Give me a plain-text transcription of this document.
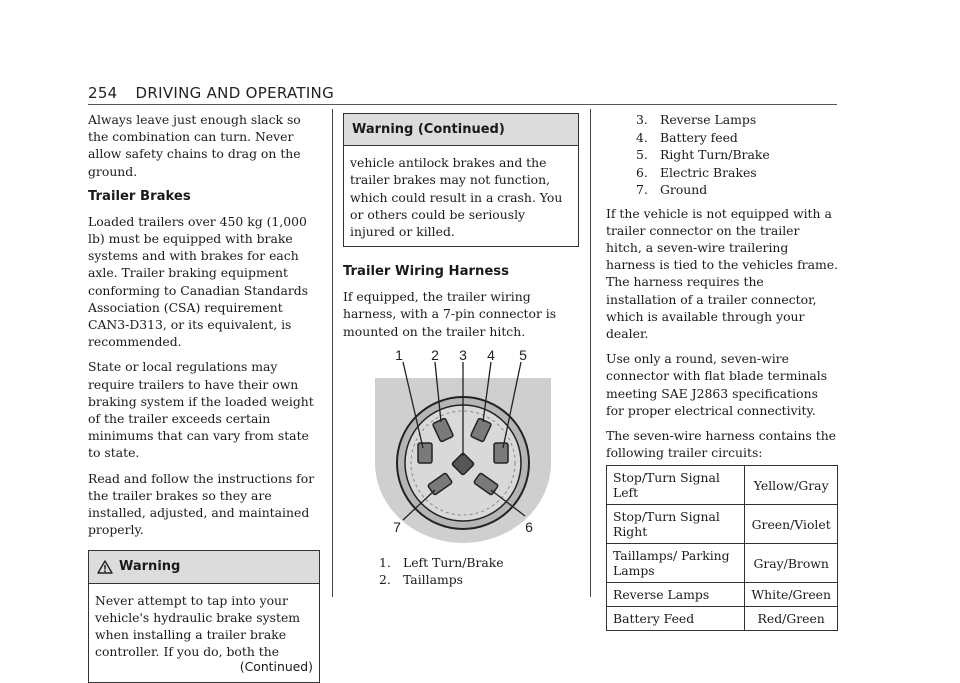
254 DRIVING AND OPERATING

Always leave just enough slack so the combination can turn. Never allow safety chains to drag on the ground.

Trailer Brakes

Loaded trailers over 450 kg (1,000 lb) must be equipped with brake systems and with brakes for each axle. Trailer braking equipment conforming to Canadian Standards Association (CSA) requirement CAN3-D313, or its equivalent, is recommended.

State or local regulations may require trailers to have their own braking system if the loaded weight of the trailer exceeds certain minimums that can vary from state to state.

Read and follow the instructions for the trailer brakes so they are installed, adjusted, and maintained properly.

Warning
Never attempt to tap into your vehicle's hydraulic brake system when installing a trailer brake controller. If you do, both the
(Continued)
Warning (Continued)
vehicle antilock brakes and the trailer brakes may not function, which could result in a crash. You or others could be seriously injured or killed.
Trailer Wiring Harness

If equipped, the trailer wiring harness, with a 7-pin connector is mounted on the trailer hitch.

1 2 3 4 5
6
7
1. Left Turn/Brake
2. Taillamps
3. Reverse Lamps
4. Battery feed
5. Right Turn/Brake
6. Electric Brakes
7. Ground

If the vehicle is not equipped with a trailer connector on the trailer hitch, a seven-wire trailering harness is tied to the vehicles frame. The harness requires the installation of a trailer connector, which is available through your dealer.

Use only a round, seven-wire connector with flat blade terminals meeting SAE J2863 specifications for proper electrical connectivity.

The seven-wire harness contains the following trailer circuits:

Stop/Turn Signal Left	Yellow/Gray
Stop/Turn Signal Right	Green/Violet
Taillamps/ Parking Lamps	Gray/Brown
Reverse Lamps	White/Green
Battery Feed	Red/Green
